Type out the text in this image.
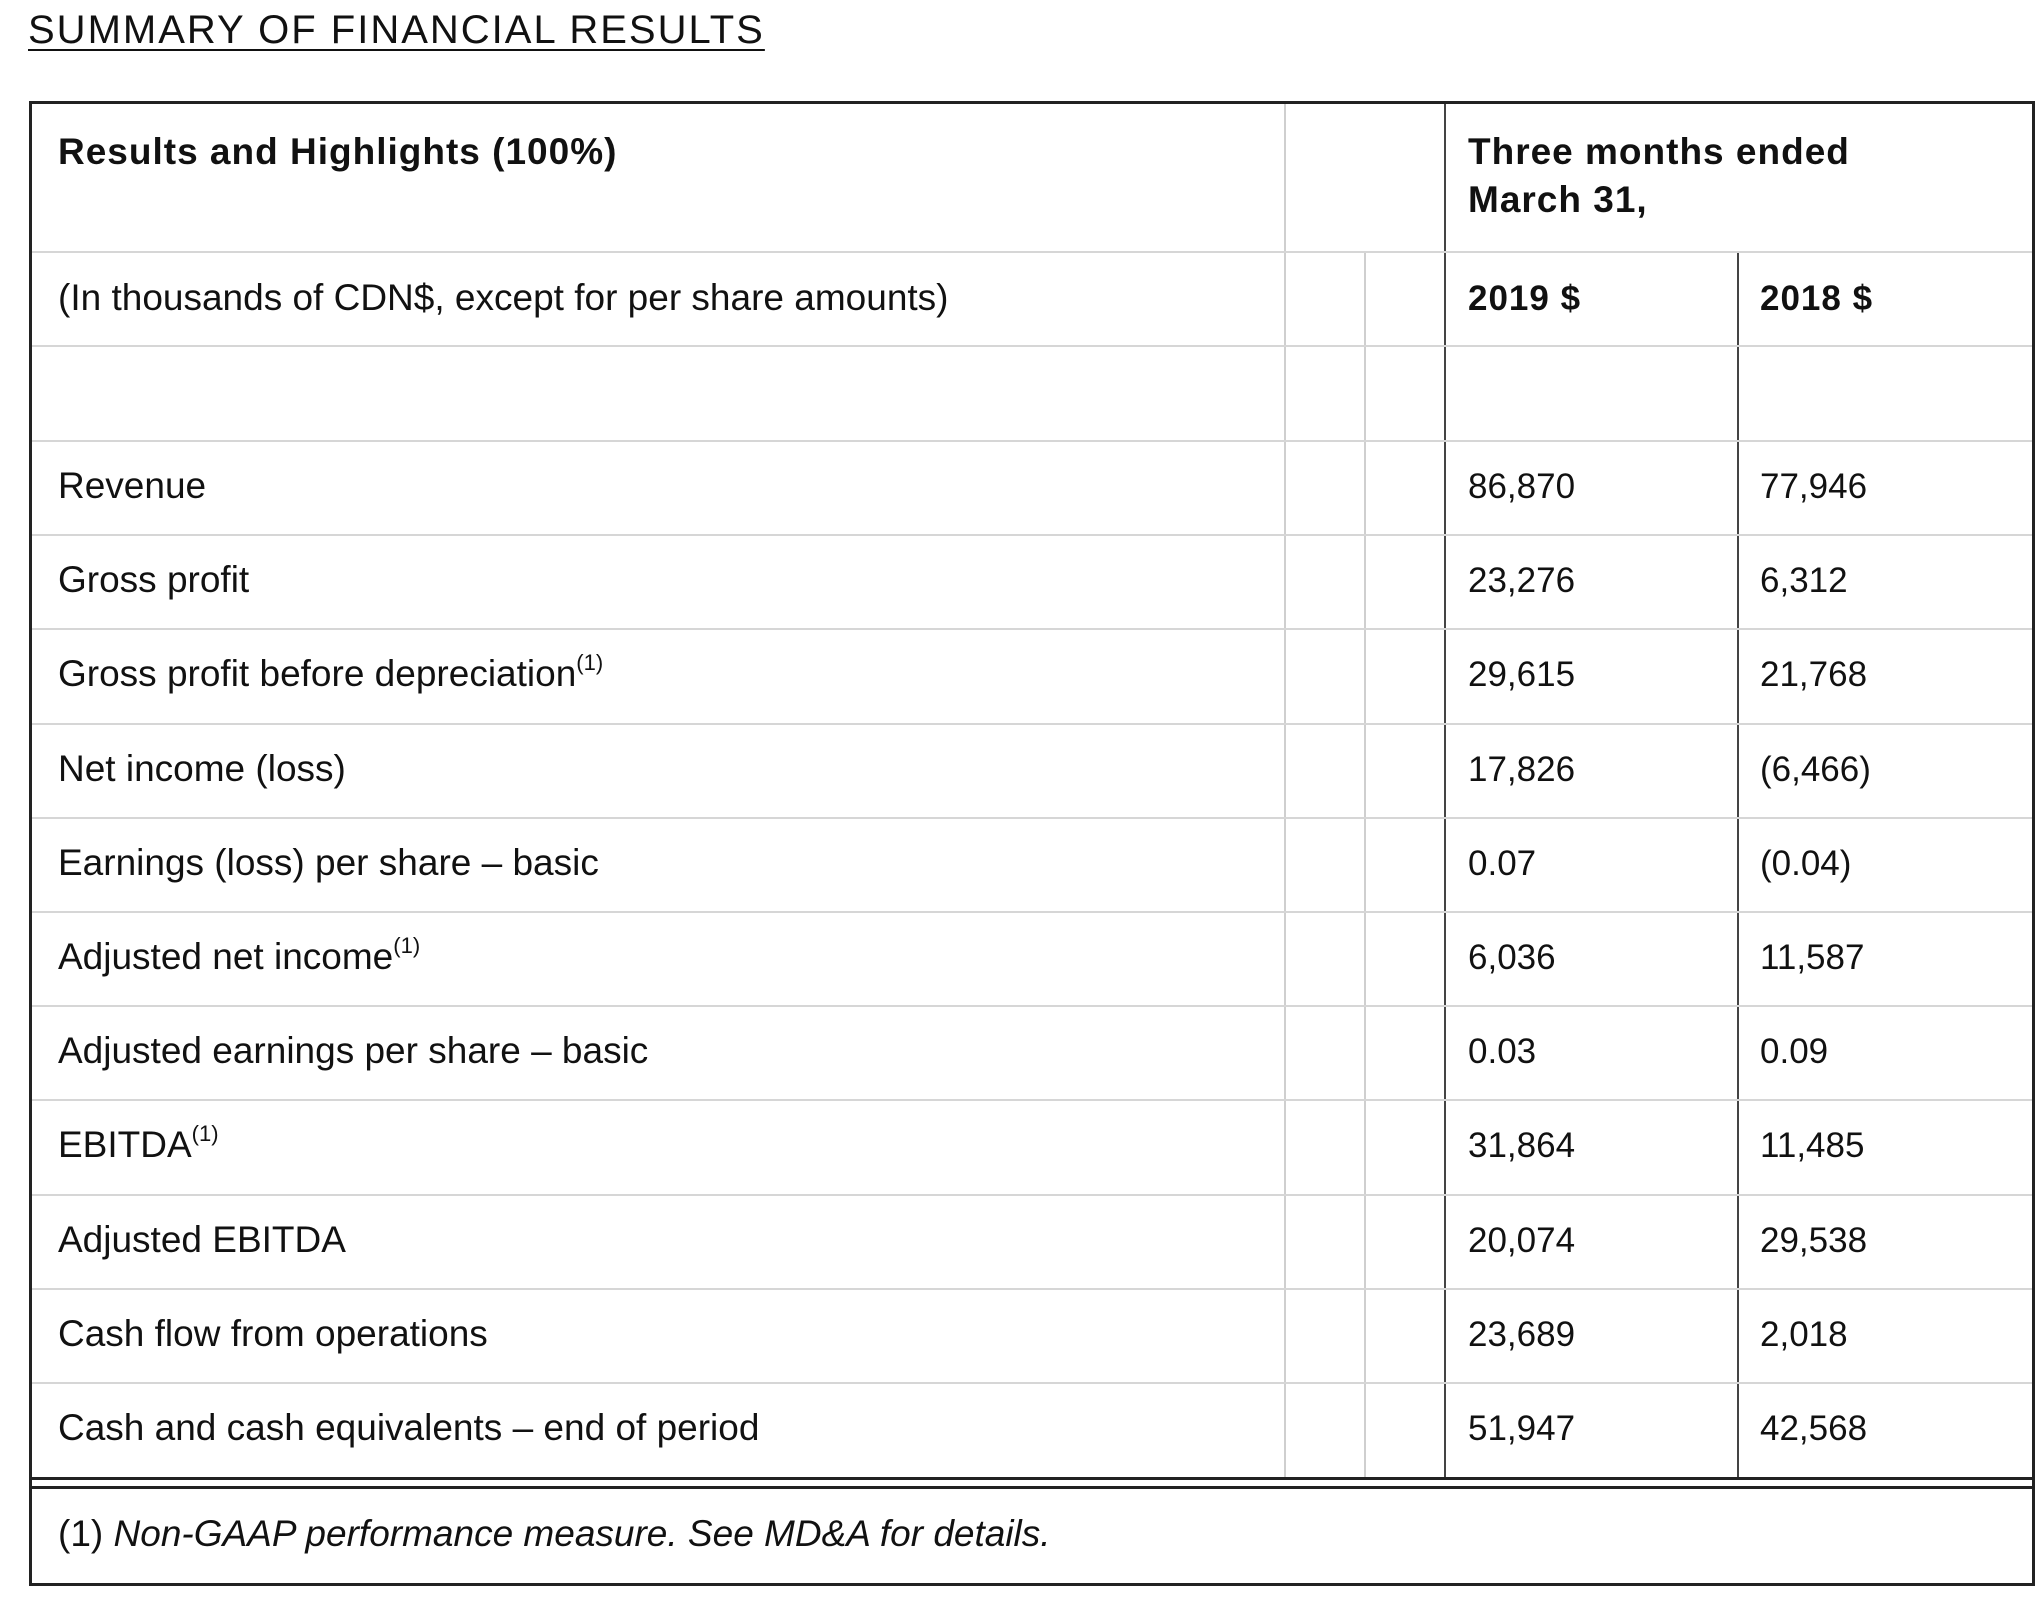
SUMMARY OF FINANCIAL RESULTS
Results and Highlights (100%)	Three months ended
March 31,
(In thousands of CDN$, except for per share amounts)	2019 $	2018 $
Revenue	86,870	77,946
Gross profit	23,276	6,312
Gross profit before depreciation$^{(1)}$	29,615	21,768
Net income (loss)	17,826	(6,466)
Earnings (loss) per share – basic	0.07	(0.04)
Adjusted net income$^{(1)}$	6,036	11,587
Adjusted earnings per share – basic	0.03	0.09
EBITDA$^{(1)}$	31,864	11,485
Adjusted EBITDA	20,074	29,538
Cash flow from operations	23,689	2,018
Cash and cash equivalents – end of period	51,947	42,568
(1) Non-GAAP performance measure. See MD&A for details.
